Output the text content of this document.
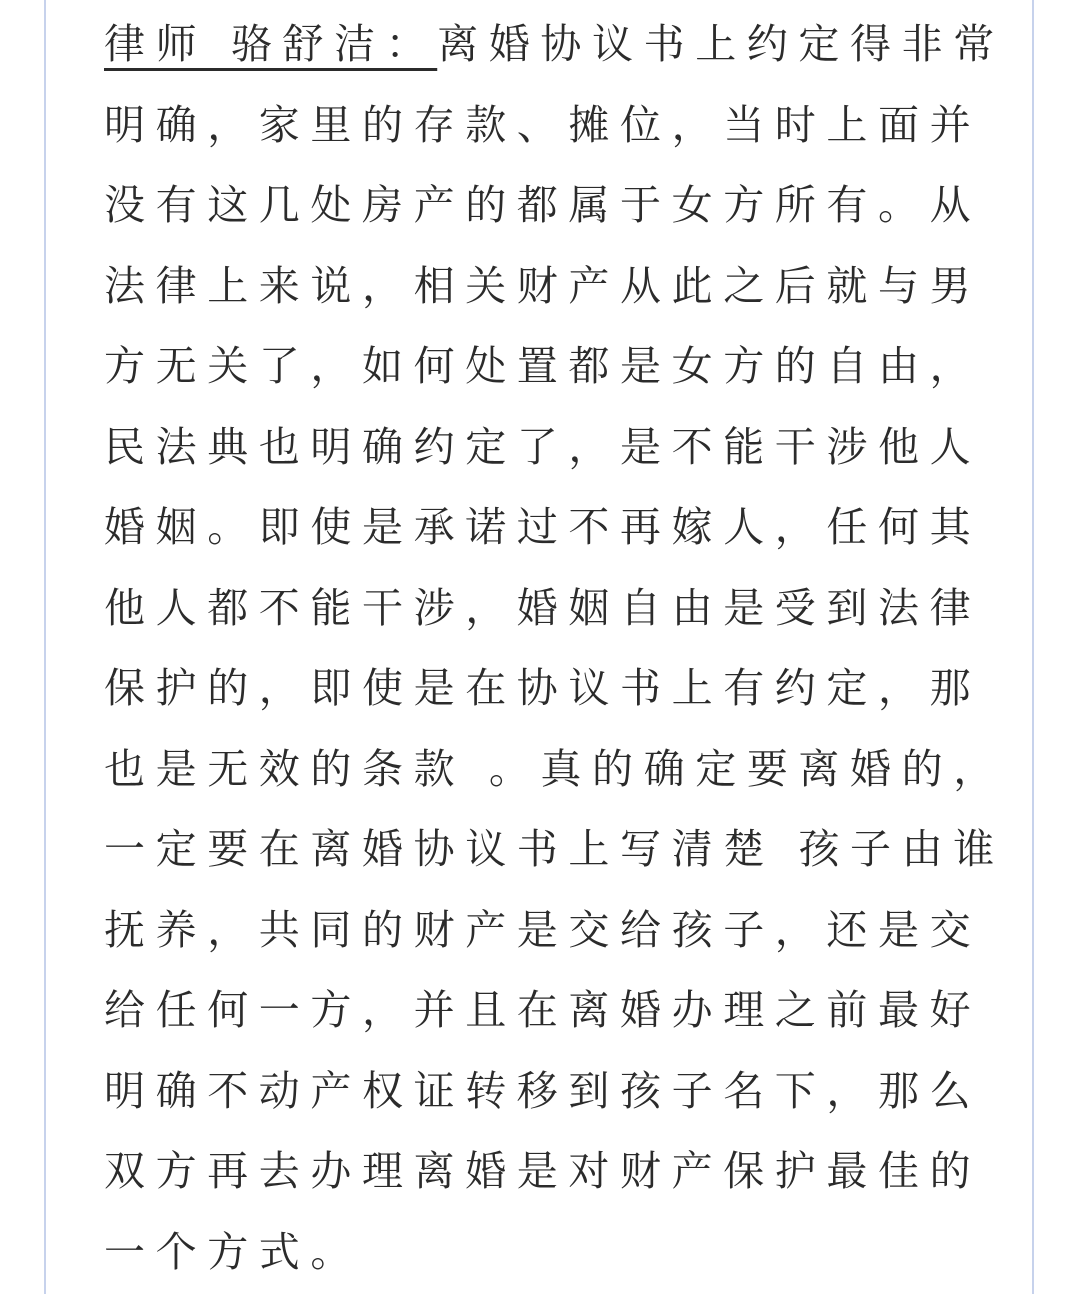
律师 骆舒洁：离婚协议书上约定得非常
明确，家里的存款、摊位，当时上面并
没有这几处房产的都属于女方所有。从
法律上来说，相关财产从此之后就与男
方无关了，如何处置都是女方的自由，
民法典也明确约定了，是不能干涉他人
婚姻。即使是承诺过不再嫁人，任何其
他人都不能干涉，婚姻自由是受到法律
保护的，即使是在协议书上有约定，那
也是无效的条款 。真的确定要离婚的，
一定要在离婚协议书上写清楚 孩子由谁
抚养，共同的财产是交给孩子，还是交
给任何一方，并且在离婚办理之前最好
明确不动产权证转移到孩子名下，那么
双方再去办理离婚是对财产保护最佳的
一个方式。
